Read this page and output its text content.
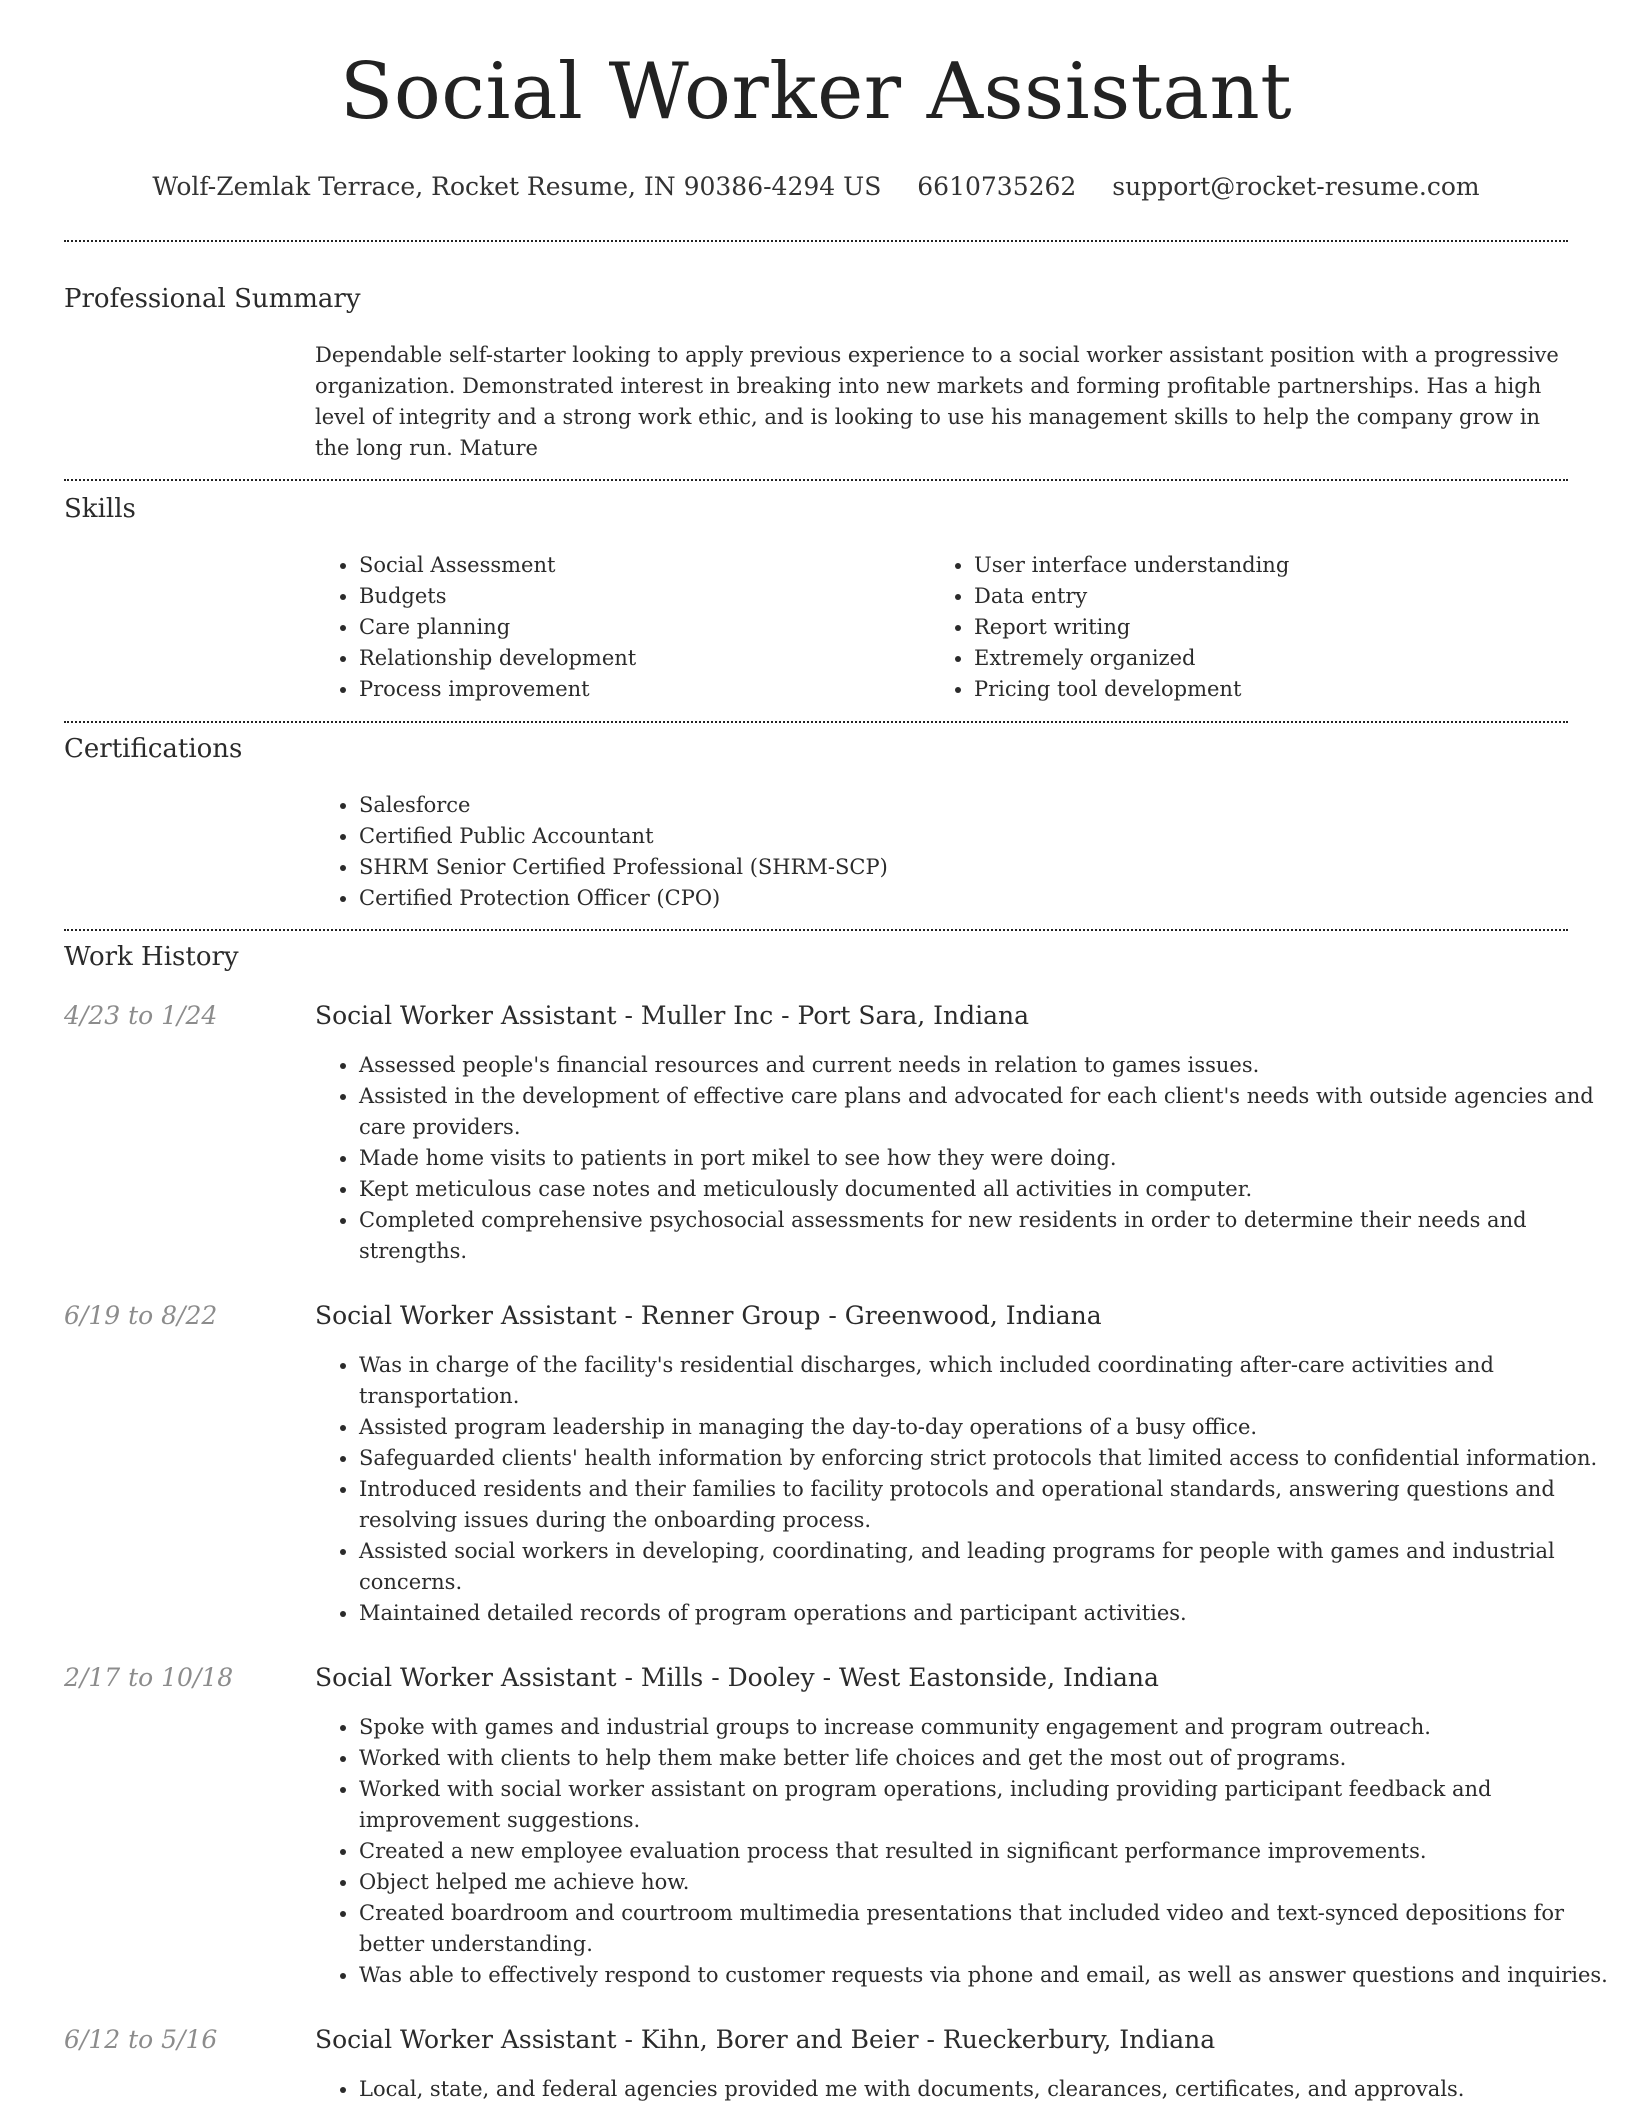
Social Worker Assistant
Wolf-Zemlak Terrace, Rocket Resume, IN 90386-4294 US 6610735262 support@rocket-resume.com
Professional Summary
Dependable self-starter looking to apply previous experience to a social worker assistant position with a progressive organization. Demonstrated interest in breaking into new markets and forming profitable partnerships. Has a high level of integrity and a strong work ethic, and is looking to use his management skills to help the company grow in the long run. Mature
Skills
• Social Assessment
• Budgets
• Care planning
• Relationship development
• Process improvement
• User interface understanding
• Data entry
• Report writing
• Extremely organized
• Pricing tool development
Certifications
• Salesforce
• Certified Public Accountant
• SHRM Senior Certified Professional (SHRM-SCP)
• Certified Protection Officer (CPO)
Work History
4/23 to 1/24	Social Worker Assistant - Muller Inc - Port Sara, Indiana
• Assessed people's financial resources and current needs in relation to games issues.
• Assisted in the development of effective care plans and advocated for each client's needs with outside agencies and care providers.
• Made home visits to patients in port mikel to see how they were doing.
• Kept meticulous case notes and meticulously documented all activities in computer.
• Completed comprehensive psychosocial assessments for new residents in order to determine their needs and strengths.
6/19 to 8/22	Social Worker Assistant - Renner Group - Greenwood, Indiana
• Was in charge of the facility's residential discharges, which included coordinating after-care activities and transportation.
• Assisted program leadership in managing the day-to-day operations of a busy office.
• Safeguarded clients' health information by enforcing strict protocols that limited access to confidential information.
• Introduced residents and their families to facility protocols and operational standards, answering questions and resolving issues during the onboarding process.
• Assisted social workers in developing, coordinating, and leading programs for people with games and industrial concerns.
• Maintained detailed records of program operations and participant activities.
2/17 to 10/18	Social Worker Assistant - Mills - Dooley - West Eastonside, Indiana
• Spoke with games and industrial groups to increase community engagement and program outreach.
• Worked with clients to help them make better life choices and get the most out of programs.
• Worked with social worker assistant on program operations, including providing participant feedback and improvement suggestions.
• Created a new employee evaluation process that resulted in significant performance improvements.
• Object helped me achieve how.
• Created boardroom and courtroom multimedia presentations that included video and text-synced depositions for better understanding.
• Was able to effectively respond to customer requests via phone and email, as well as answer questions and inquiries.
6/12 to 5/16	Social Worker Assistant - Kihn, Borer and Beier - Rueckerbury, Indiana
• Local, state, and federal agencies provided me with documents, clearances, certificates, and approvals.
